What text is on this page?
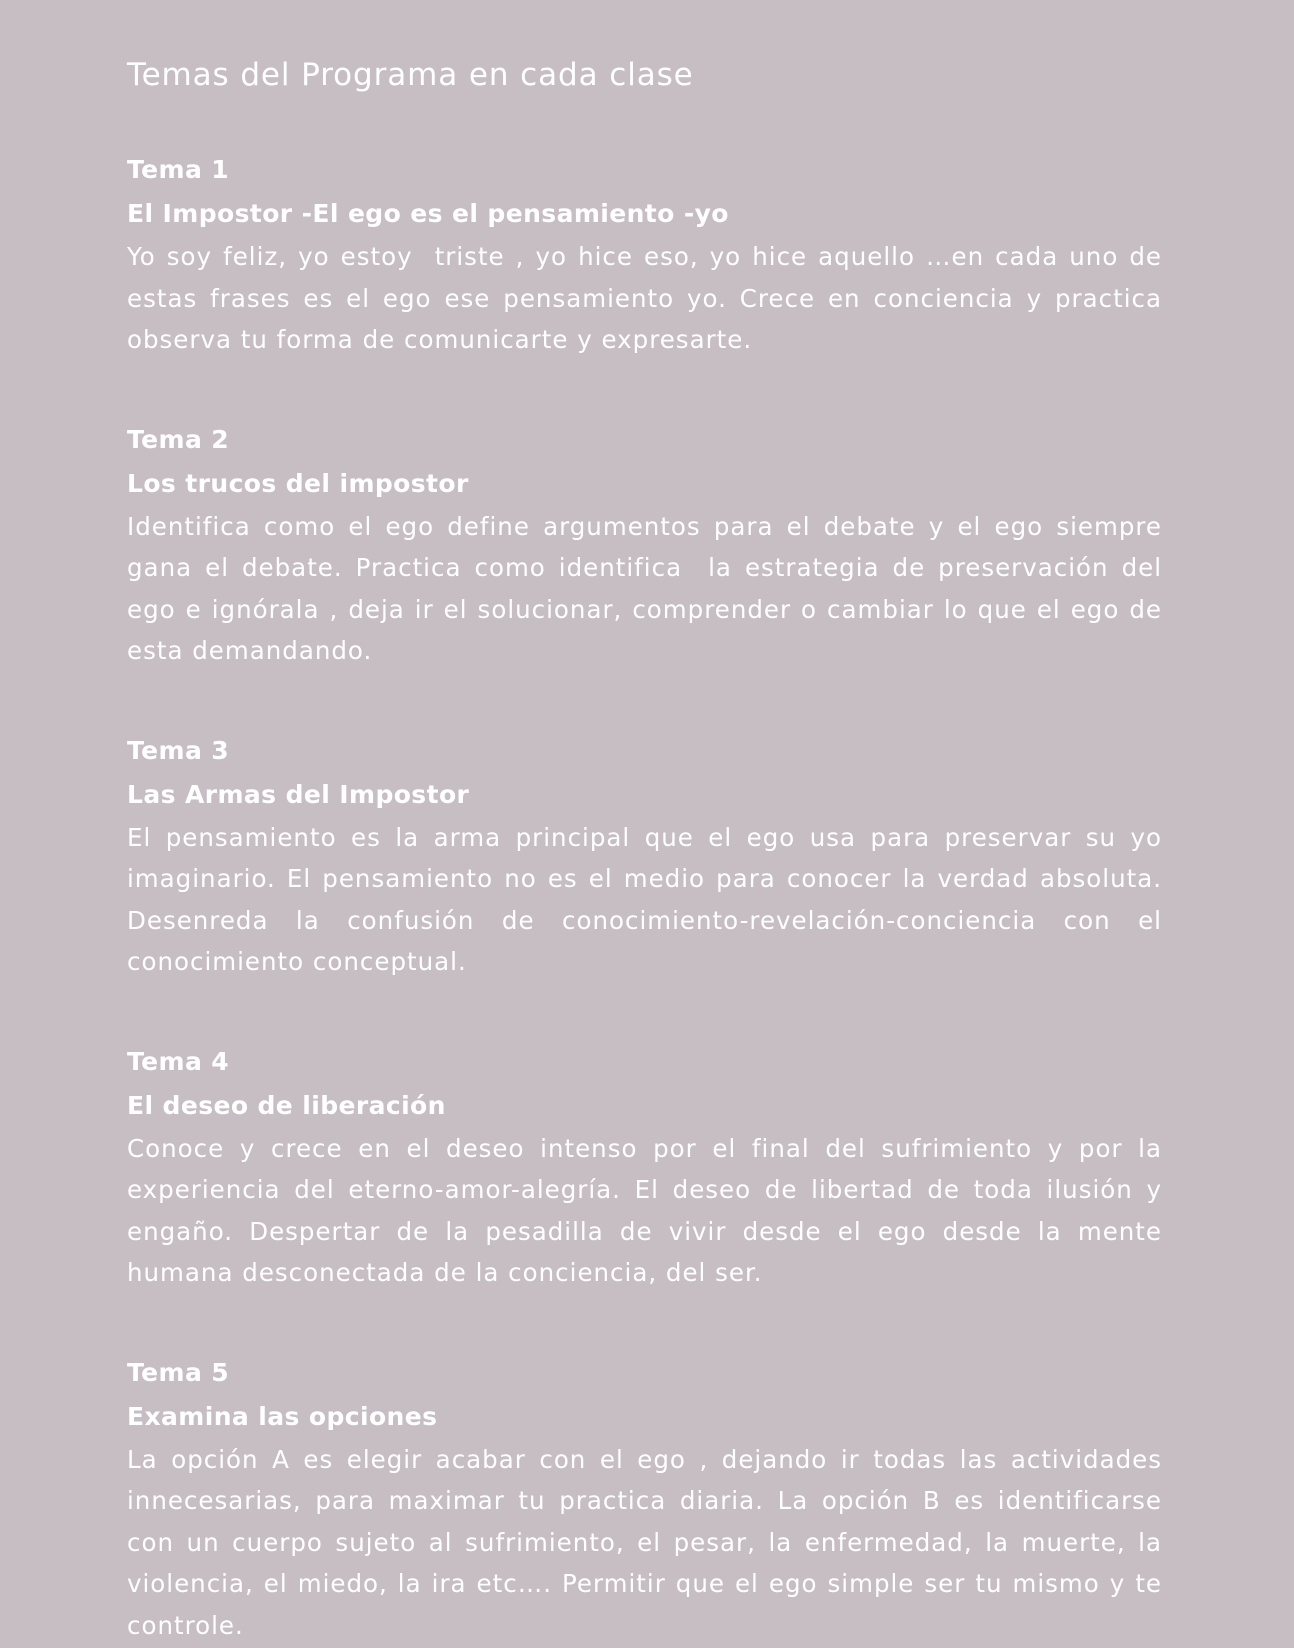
Temas del Programa en cada clase
Tema 1
El Impostor -El ego es el pensamiento -yo

Yo soy feliz, yo estoy  triste , yo hice eso, yo hice aquello …en cada uno de estas frases es el ego ese pensamiento yo. Crece en conciencia y practica observa tu forma de comunicarte y expresarte.

Tema 2
Los trucos del impostor

Identifica como el ego define argumentos para el debate y el ego siempre gana el debate. Practica como identifica  la estrategia de preservación del ego e ignórala , deja ir el solucionar, comprender o cambiar lo que el ego de esta demandando.

Tema 3
Las Armas del Impostor

El pensamiento es la arma principal que el ego usa para preservar su yo imaginario. El pensamiento no es el medio para conocer la verdad absoluta. Desenreda la confusión de conocimiento-revelación-conciencia con el conocimiento conceptual.

Tema 4
El deseo de liberación

Conoce y crece en el deseo intenso por el final del sufrimiento y por la experiencia del eterno-amor-alegría. El deseo de libertad de toda ilusión y engaño. Despertar de la pesadilla de vivir desde el ego desde la mente humana desconectada de la conciencia, del ser.

Tema 5
Examina las opciones

La opción A es elegir acabar con el ego , dejando ir todas las actividades innecesarias, para maximar tu practica diaria. La opción B es identificarse con un cuerpo sujeto al sufrimiento, el pesar, la enfermedad, la muerte, la violencia, el miedo, la ira etc…. Permitir que el ego simple ser tu mismo y te controle.
